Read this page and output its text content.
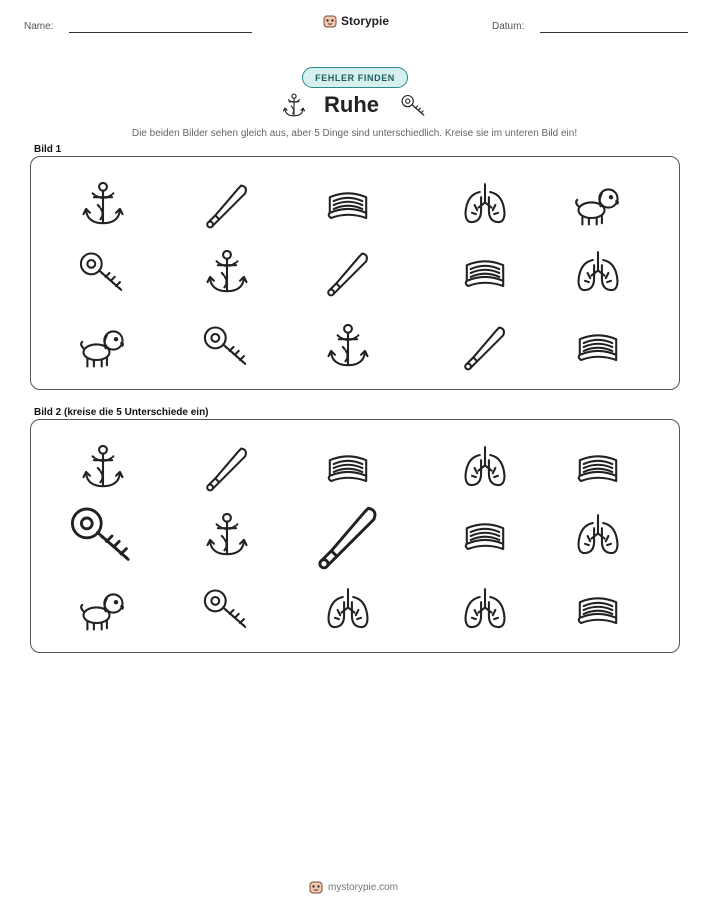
Name:	Storypie	Datum:
FEHLER FINDEN
Ruhe
Die beiden Bilder sehen gleich aus, aber 5 Dinge sind unterschiedlich. Kreise sie im unteren Bild ein!
Bild 1
Bild 2 (kreise die 5 Unterschiede ein)
mystorypie.com
